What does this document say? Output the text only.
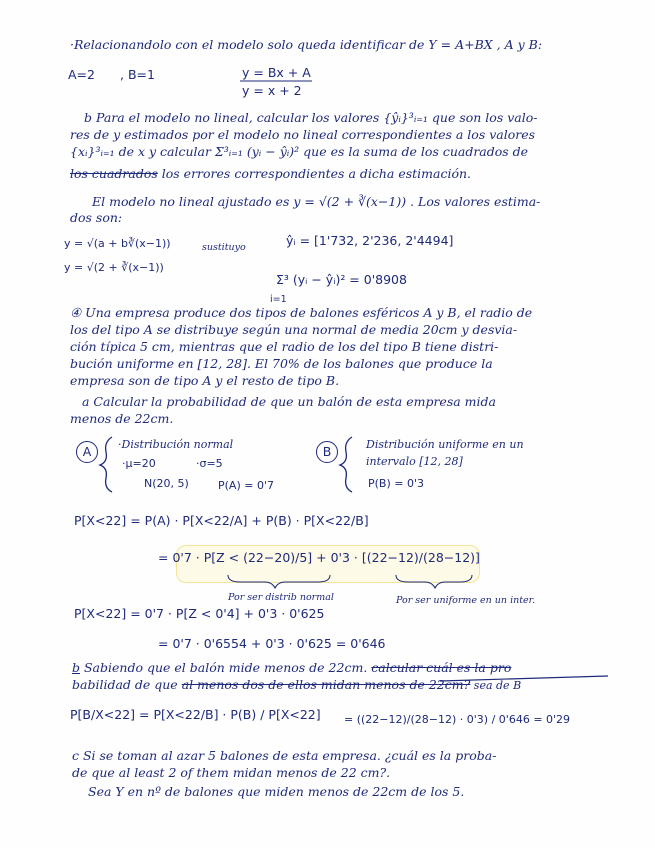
·Relacionandolo con el modelo solo queda identificar de Y = A+BX , A y B:
A=2 , B=1	y = Bx + A
y = x + 2
b Para el modelo no lineal, calcular los valores {ŷᵢ}³ᵢ₌₁ que son los valo-
res de y estimados por el modelo no lineal correspondientes a los valores
{xᵢ}³ᵢ₌₁ de x y calcular Σ³ᵢ₌₁ (yᵢ − ŷᵢ)² que es la suma de los cuadrados de
los cuadrados los errores correspondientes a dicha estimación.
El modelo no lineal ajustado es y = √(2 + ∛(x−1)) . Los valores estima-
dos son:
y = √(a + b∛(x−1))	sustituyo	ŷᵢ = [1'732, 2'236, 2'4494]
y = √(2 + ∛(x−1))
Σ³ (yᵢ − ŷᵢ)² = 0'8908
i=1
④ Una empresa produce dos tipos de balones esféricos A y B, el radio de
los del tipo A se distribuye según una normal de media 20cm y desvia-
ción típica 5 cm, mientras que el radio de los del tipo B tiene distri-
bución uniforme en [12, 28]. El 70% de los balones que produce la
empresa son de tipo A y el resto de tipo B.
a Calcular la probabilidad de que un balón de esta empresa mida
menos de 22cm.
A	·Distribución normal	B	Distribución uniforme en un
·μ=20	·σ=5	intervalo [12, 28]
N(20, 5)	P(A) = 0'7	P(B) = 0'3
P[X<22] = P(A) · P[X<22/A] + P(B) · P[X<22/B]
= 0'7 · P[Z < (22−20)/5] + 0'3 · [(22−12)/(28−12)]
Por ser distrib normal	Por ser uniforme en un inter.
P[X<22] = 0'7 · P[Z < 0'4] + 0'3 · 0'625
= 0'7 · 0'6554 + 0'3 · 0'625 = 0'646
b Sabiendo que el balón mide menos de 22cm. calcular cuál es la pro
babilidad de que al menos dos de ellos midan menos de 22cm? sea de B
P[B/X<22] = P[X<22/B] · P(B) / P[X<22] = ((22−12)/(28−12) · 0'3) / 0'646 = 0'29
c Si se toman al azar 5 balones de esta empresa. ¿cuál es la proba-
de que al least 2 of them midan menos de 22 cm?.
Sea Y en nº de balones que miden menos de 22cm de los 5.
